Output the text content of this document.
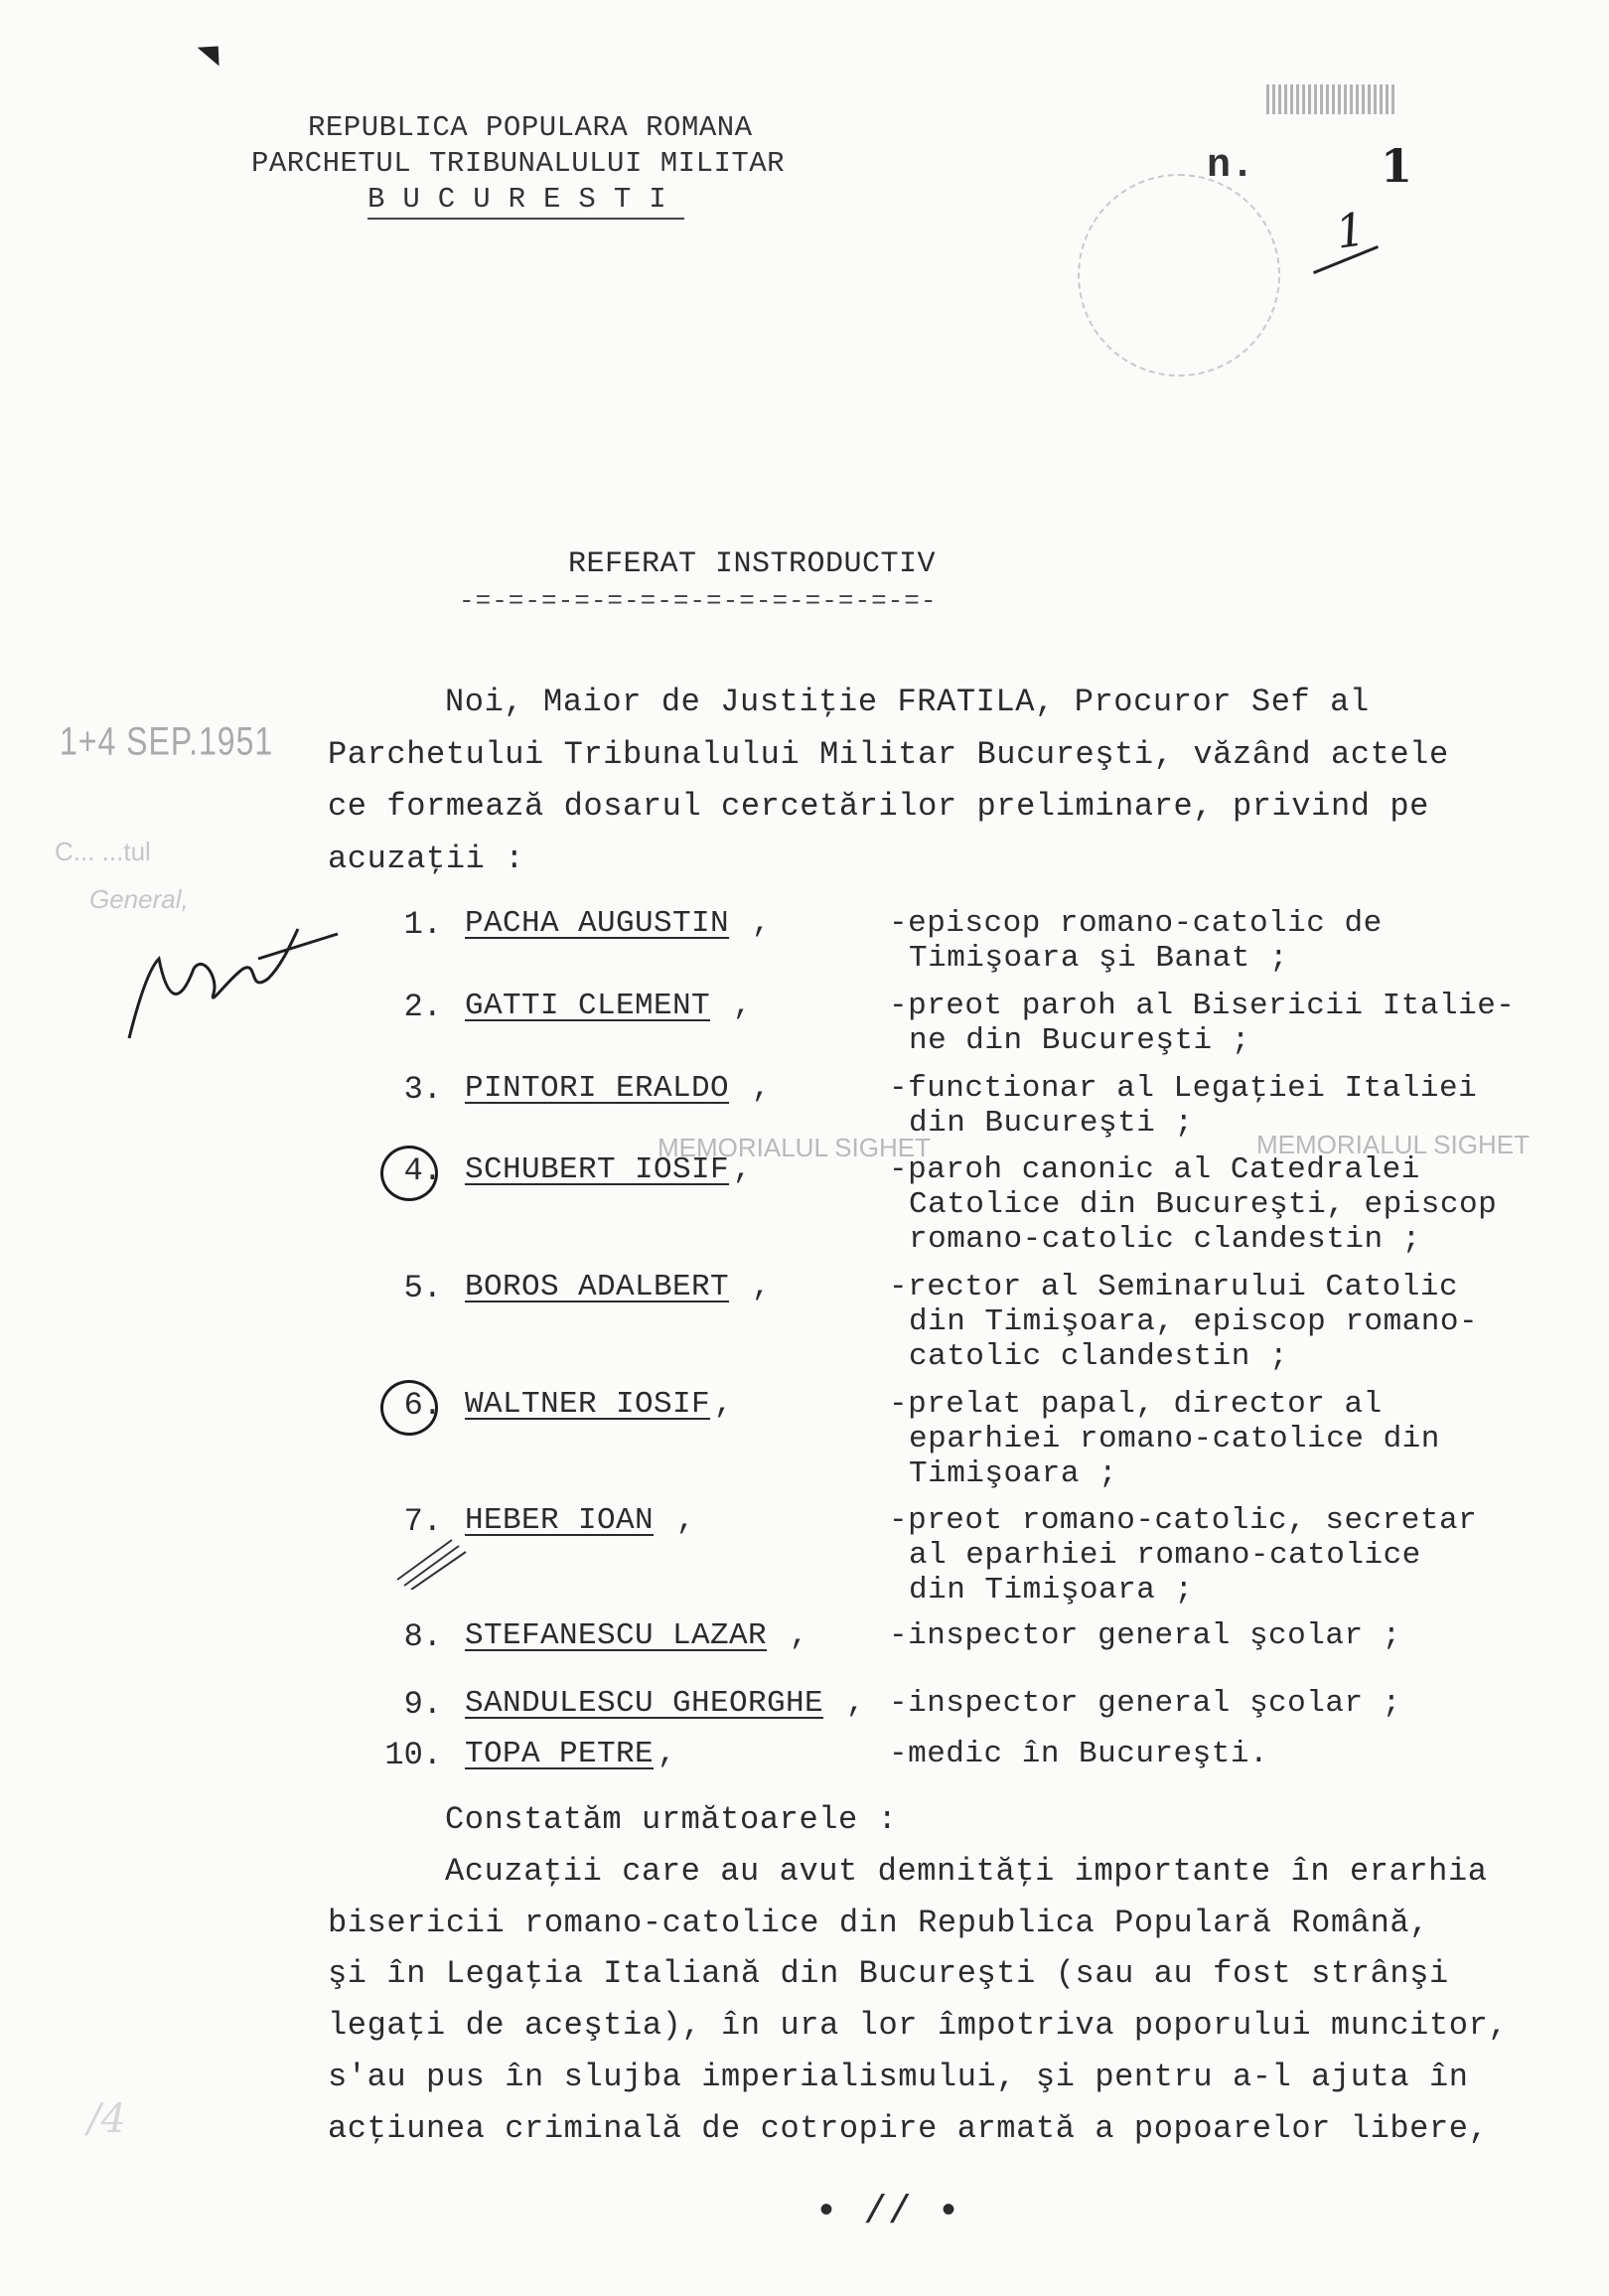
REPUBLICA POPULARA ROMANA
PARCHETUL TRIBUNALULUI MILITAR
BUCURESTI
n.	1
1
REFERAT INSTRODUCTIV
-=-=-=-=-=-=-=-=-=-=-=-=-=-=-
1+4 SEP.1951
C... ...tul
General,
Noi, Maior de Justiţie FRATILA, Procuror Sef al
Parchetului Tribunalului Militar Bucureşti, văzând actele
ce formează dosarul cercetărilor preliminare, privind pe
acuzaţii :
1. PACHA AUGUSTIN ,	-episcop romano-catolic de
Timişoara şi Banat ;
2. GATTI CLEMENT ,	-preot paroh al Bisericii Italie-
ne din Bucureşti ;
3. PINTORI ERALDO ,	-functionar al Legaţiei Italiei
din Bucureşti ;
MEMORIALUL SIGHET	MEMORIALUL SIGHET
4. SCHUBERT IOSIF ,	-paroh canonic al Catedralei
Catolice din Bucureşti, episcop
romano-catolic clandestin ;
5. BOROS ADALBERT ,	-rector al Seminarului Catolic
din Timişoara, episcop romano-
catolic clandestin ;
6. WALTNER IOSIF ,	-prelat papal, director al
eparhiei romano-catolice din
Timişoara ;
7. HEBER IOAN ,	-preot romano-catolic, secretar
al eparhiei romano-catolice
din Timişoara ;
8. STEFANESCU LAZAR ,	-inspector general şcolar ;
9. SANDULESCU GHEORGHE , -inspector general şcolar ;
10. TOPA PETRE ,	-medic în Bucureşti.
Constatăm următoarele :
Acuzaţii care au avut demnităţi importante în erarhia
bisericii romano-catolice din Republica Populară Română,
şi în Legaţia Italiană din Bucureşti (sau au fost strânşi
legaţi de aceştia), în ura lor împotriva poporului muncitor,
s'au pus în slujba imperialismului, şi pentru a-l ajuta în
acţiunea criminală de cotropire armată a popoarelor libere,
/4
• // •
